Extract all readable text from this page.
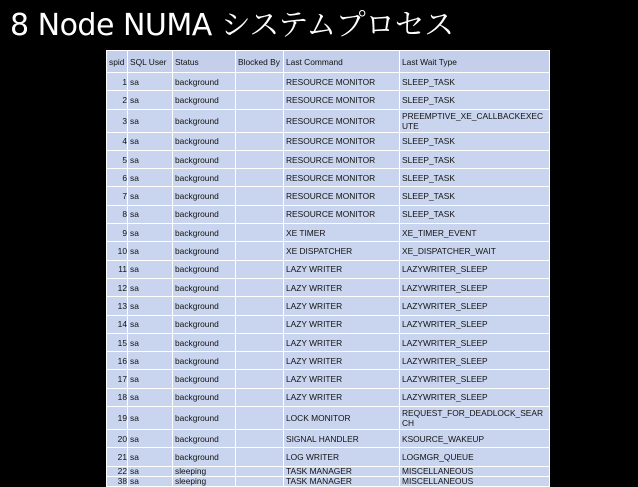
8 Node NUMA システムプロセス
spid	SQL User	Status	Blocked By	Last Command	Last Wait Type
1	sa	background		RESOURCE MONITOR	SLEEP_TASK
2	sa	background		RESOURCE MONITOR	SLEEP_TASK
3	sa	background		RESOURCE MONITOR	PREEMPTIVE_XE_CALLBACKEXECUTE
4	sa	background		RESOURCE MONITOR	SLEEP_TASK
5	sa	background		RESOURCE MONITOR	SLEEP_TASK
6	sa	background		RESOURCE MONITOR	SLEEP_TASK
7	sa	background		RESOURCE MONITOR	SLEEP_TASK
8	sa	background		RESOURCE MONITOR	SLEEP_TASK
9	sa	background		XE TIMER	XE_TIMER_EVENT
10	sa	background		XE DISPATCHER	XE_DISPATCHER_WAIT
11	sa	background		LAZY WRITER	LAZYWRITER_SLEEP
12	sa	background		LAZY WRITER	LAZYWRITER_SLEEP
13	sa	background		LAZY WRITER	LAZYWRITER_SLEEP
14	sa	background		LAZY WRITER	LAZYWRITER_SLEEP
15	sa	background		LAZY WRITER	LAZYWRITER_SLEEP
16	sa	background		LAZY WRITER	LAZYWRITER_SLEEP
17	sa	background		LAZY WRITER	LAZYWRITER_SLEEP
18	sa	background		LAZY WRITER	LAZYWRITER_SLEEP
19	sa	background		LOCK MONITOR	REQUEST_FOR_DEADLOCK_SEARCH
20	sa	background		SIGNAL HANDLER	KSOURCE_WAKEUP
21	sa	background		LOG WRITER	LOGMGR_QUEUE
22	sa	sleeping		TASK MANAGER	MISCELLANEOUS
38	sa	sleeping		TASK MANAGER	MISCELLANEOUS
